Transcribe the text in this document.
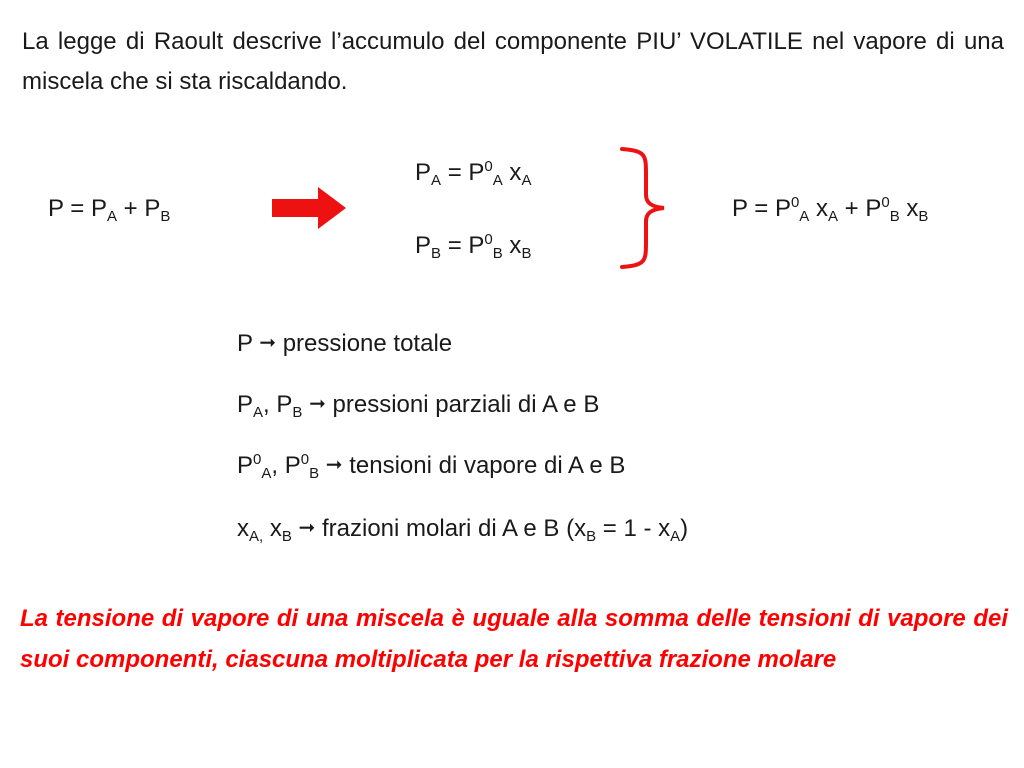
La legge di Raoult descrive l’accumulo del componente PIU’ VOLATILE nel vapore di una miscela che si sta riscaldando.

$P = P_A + P_B$
$P_A = P^0_A$ $x_A$
$P_B = P^0_B$ $x_B$
$P = P^0_A$ $x_A + P^0_B$ $x_B$
P ➞ pressione totale
$P_A$, $P_B$ ➞ pressioni parziali di A e B
$P^0_A$, $P^0_B$ ➞ tensioni di vapore di A e B
$x_{A,}$ $x_B$ ➞ frazioni molari di A e B $(x_B = 1 - x_A)$

La tensione di vapore di una miscela è uguale alla somma delle tensioni di vapore dei suoi componenti, ciascuna moltiplicata per la rispettiva frazione molare
